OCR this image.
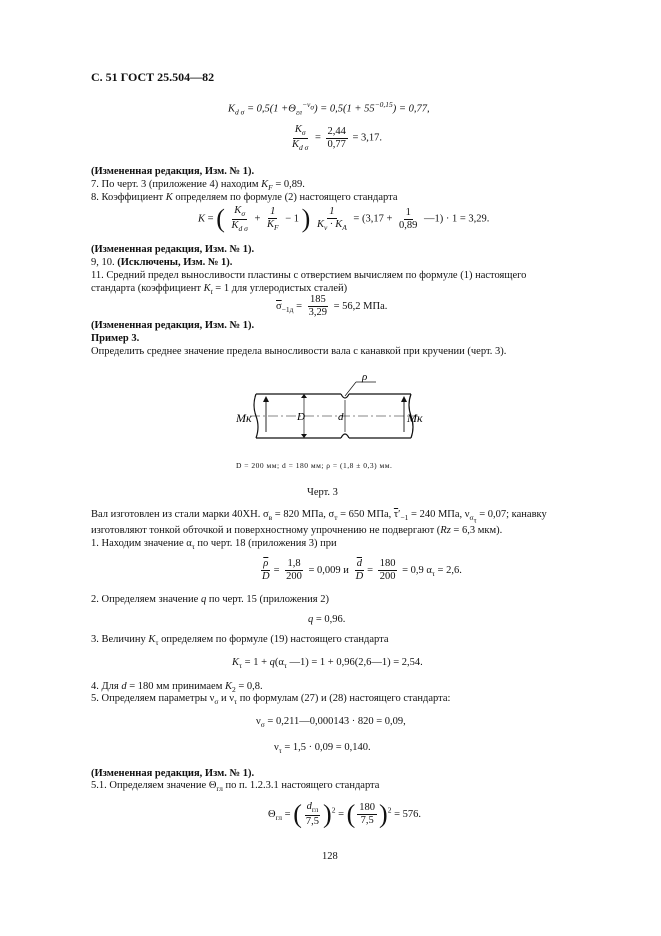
С. 51 ГОСТ 25.504—82
$K_{d \sigma} = 0,5(1 +\Theta_{гл}^{-\nu_\sigma}) = 0,5(1 + 55^{-0,15}) = 0,77$,
$\frac{K_\sigma}{K_{d \sigma}} = \frac{2,44}{0,77} = 3,17$.
(Измененная редакция, Изм. № 1).
7. По черт. 3 (приложение 4) находим $K_F = 0,89$.
8. Коэффициент K определяем по формуле (2) настоящего стандарта
K = ( $\frac{K_\sigma}{K_{d \sigma}} + \frac{1}{K_F} - 1$ ) $\frac{1}{K_v \cdot K_A} = (3,17 + \frac{1}{0,89}$ —1) · 1 = 3,29.
(Измененная редакция, Изм. № 1).
9, 10. (Исключены, Изм. № 1).
11. Средний предел выносливости пластины с отверстием вычисляем по формуле (1) настоящего
стандарта (коэффициент $K_t = 1$ для углеродистых сталей)
$\overline{\sigma}_{-1д} = \frac{185}{3,29} = 56,2$ МПа.
(Измененная редакция, Изм. № 1).
Пример 3.
Определить среднее значение предела выносливости вала с канавкой при кручении (черт. 3).
ρ
D	d
Мк	Мк
D = 200 мм; d = 180 мм; ρ = (1,8 ± 0,3) мм.
Черт. 3
Вал изготовлен из стали марки 40ХН. $\sigma_в = 820$ МПа, $\sigma_т = 650$ МПа, $\overline{\tau}'_{-1} = 240$ МПа, $\nu_{\sigma_\tau} = 0,07$; канавку
изготовляют тонкой обточкой и поверхностному упрочнению не подвергают (Rz = 6,3 мкм).
1. Находим значение $\alpha_\tau$ по черт. 18 (приложения 3) при
$\frac{\overline{\rho}}{D} = \frac{1,8}{200} = 0,009$ и $\frac{\overline{d}}{D} = \frac{180}{200} = 0,9$ $\alpha_\tau = 2,6$.
2. Определяем значение q по черт. 15 (приложения 2)
q = 0,96.
3. Величину $K_\tau$ определяем по формуле (19) настоящего стандарта
$K_\tau = 1 + q(\alpha_\tau$ —1) = 1 + 0,96(2,6—1) = 2,54.
4. Для d = 180 мм принимаем $K_2 = 0,8$.
5. Определяем параметры $\nu_\sigma$ и $\nu_\tau$ по формулам (27) и (28) настоящего стандарта:
$\nu_\sigma$ = 0,211—0,000143 · 820 = 0,09,
$\nu_\tau = 1,5 \cdot 0,09 = 0,140$.
(Измененная редакция, Изм. № 1).
5.1. Определяем значение $\Theta_{гл}$ по п. 1.2.3.1 настоящего стандарта
$\Theta_{гл}$ = ( $\frac{d_{гл}}{7,5} )^2$ = ( $\frac{180}{7,5} )^2 = 576$.
128
